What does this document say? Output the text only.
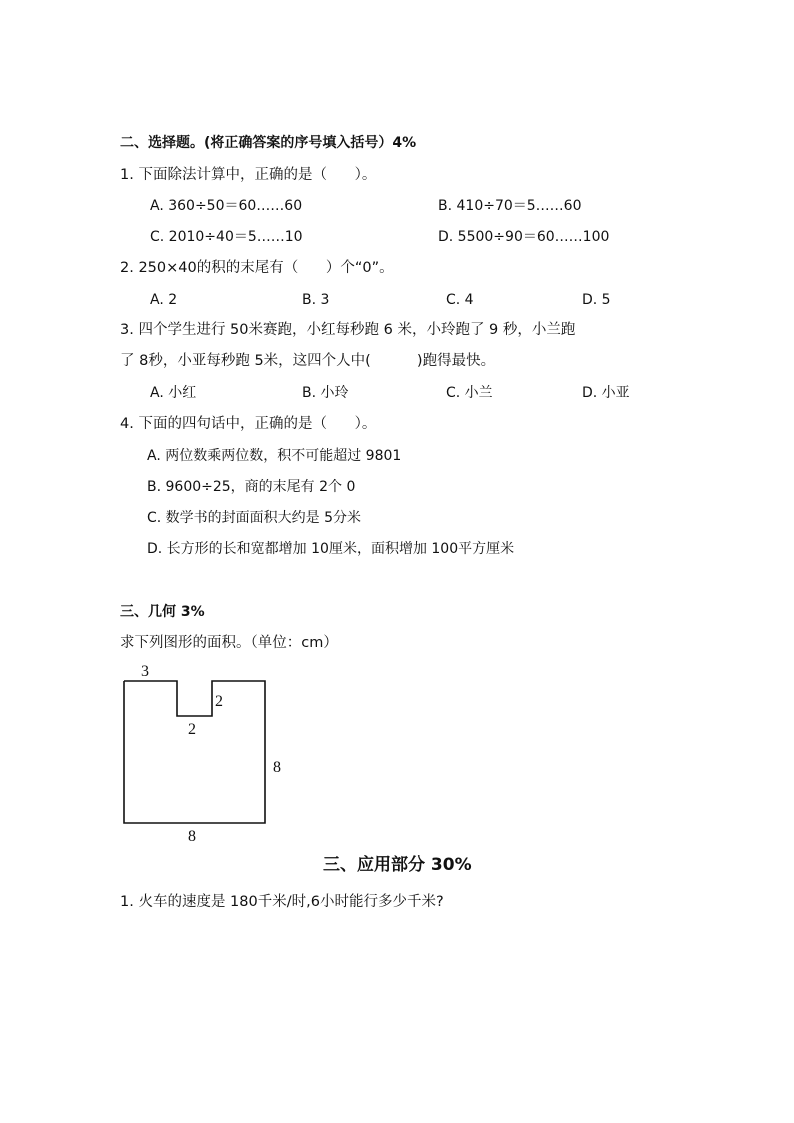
二、选择题。(将正确答案的序号填入括号）4%
1. 下面除法计算中，正确的是（      ）。
A. 360÷50＝60……60	B. 410÷70＝5……60
C. 2010÷40＝5……10	D. 5500÷90＝60……100
2. 250×40的积的末尾有（      ）个“0”。
A. 2	B. 3	C. 4	D. 5
3. 四个学生进行 50米赛跑，小红每秒跑 6 米，小玲跑了 9 秒，小兰跑
了 8秒，小亚每秒跑 5米，这四个人中(          )跑得最快。
A. 小红	B. 小玲	C. 小兰	D. 小亚
4. 下面的四句话中，正确的是（      ）。
A. 两位数乘两位数，积不可能超过 9801
B. 9600÷25，商的末尾有 2个 0
C. 数学书的封面面积大约是 5分米
D. 长方形的长和宽都增加 10厘米，面积增加 100平方厘米
三、几何 3%
求下列图形的面积。（单位：cm）
3
2
2
8
8
三、应用部分 30%
1. 火车的速度是 180千米/时,6小时能行多少千米?
